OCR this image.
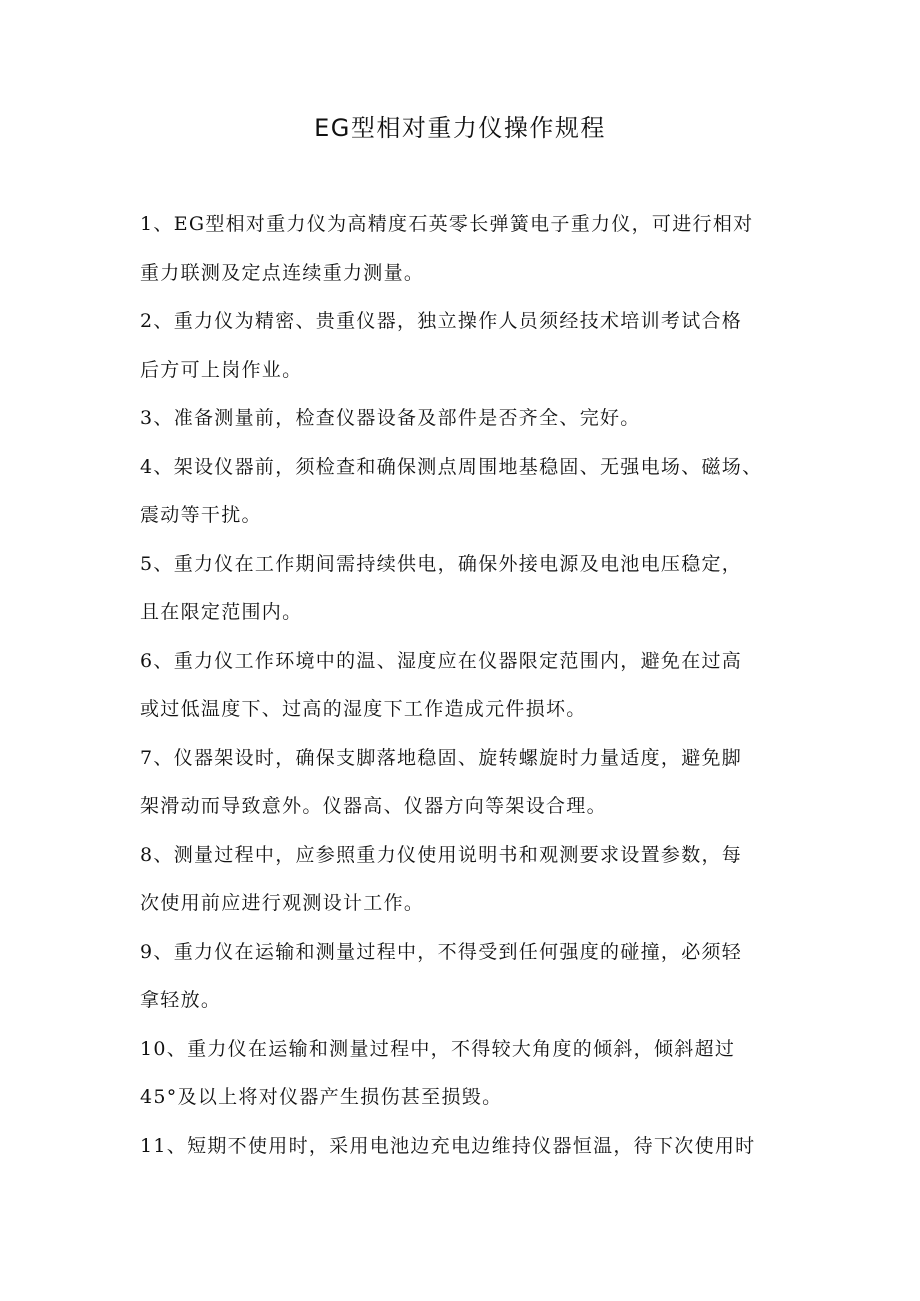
EG型相对重力仪操作规程

1、EG型相对重力仪为高精度石英零长弹簧电子重力仪，可进行相对
重力联测及定点连续重力测量。

2、重力仪为精密、贵重仪器，独立操作人员须经技术培训考试合格
后方可上岗作业。

3、准备测量前，检查仪器设备及部件是否齐全、完好。

4、架设仪器前，须检查和确保测点周围地基稳固、无强电场、磁场、
震动等干扰。

5、重力仪在工作期间需持续供电，确保外接电源及电池电压稳定，
且在限定范围内。

6、重力仪工作环境中的温、湿度应在仪器限定范围内，避免在过高
或过低温度下、过高的湿度下工作造成元件损坏。

7、仪器架设时，确保支脚落地稳固、旋转螺旋时力量适度，避免脚
架滑动而导致意外。仪器高、仪器方向等架设合理。

8、测量过程中，应参照重力仪使用说明书和观测要求设置参数，每
次使用前应进行观测设计工作。

9、重力仪在运输和测量过程中，不得受到任何强度的碰撞，必须轻
拿轻放。

10、重力仪在运输和测量过程中，不得较大角度的倾斜，倾斜超过
45°及以上将对仪器产生损伤甚至损毁。

11、短期不使用时，采用电池边充电边维持仪器恒温，待下次使用时
